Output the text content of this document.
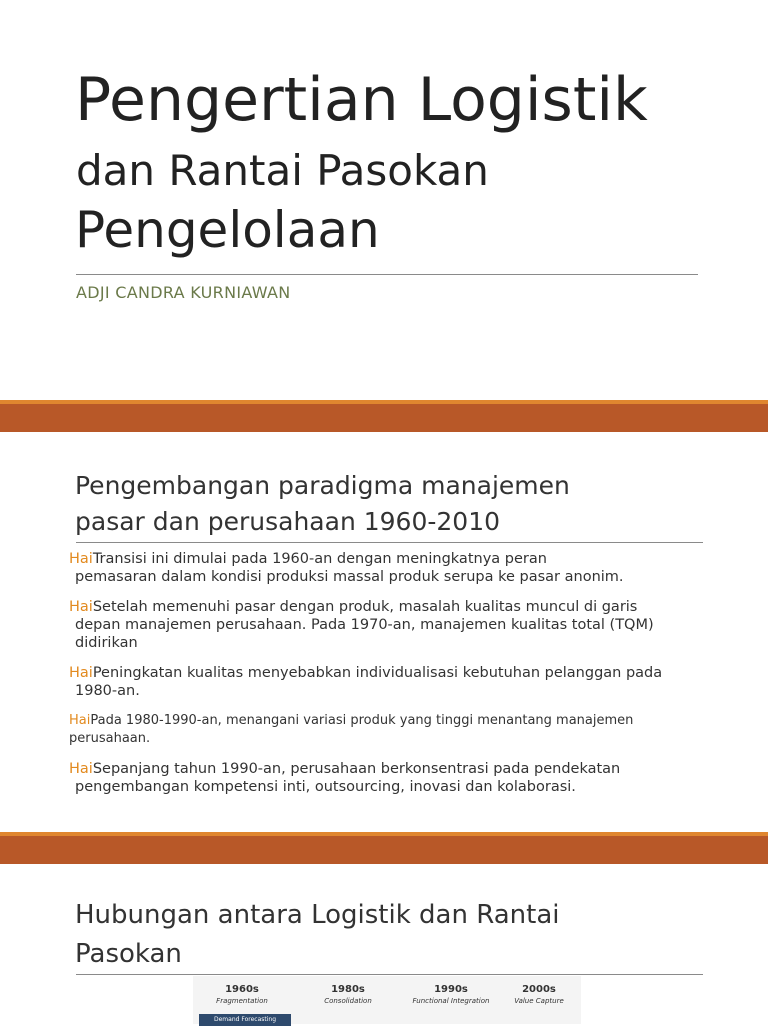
Pengertian Logistik
dan Rantai Pasokan
Pengelolaan
ADJI CANDRA KURNIAWAN
Pengembangan paradigma manajemen
pasar dan perusahaan 1960-2010
HaiTransisi ini dimulai pada 1960-an dengan meningkatnya peran
pemasaran dalam kondisi produksi massal produk serupa ke pasar anonim.
HaiSetelah memenuhi pasar dengan produk, masalah kualitas muncul di garis
depan manajemen perusahaan. Pada 1970-an, manajemen kualitas total (TQM) didirikan
HaiPeningkatan kualitas menyebabkan individualisasi kebutuhan pelanggan pada
1980-an.
HaiPada 1980-1990-an, menangani variasi produk yang tinggi menantang manajemen
perusahaan.
HaiSepanjang tahun 1990-an, perusahaan berkonsentrasi pada pendekatan
pengembangan kompetensi inti, outsourcing, inovasi dan kolaborasi.
Hubungan antara Logistik dan Rantai
Pasokan
1960s
Fragmentation
1980s
Consolidation
1990s
Functional Integration
2000s
Value Capture
Demand Forecasting
